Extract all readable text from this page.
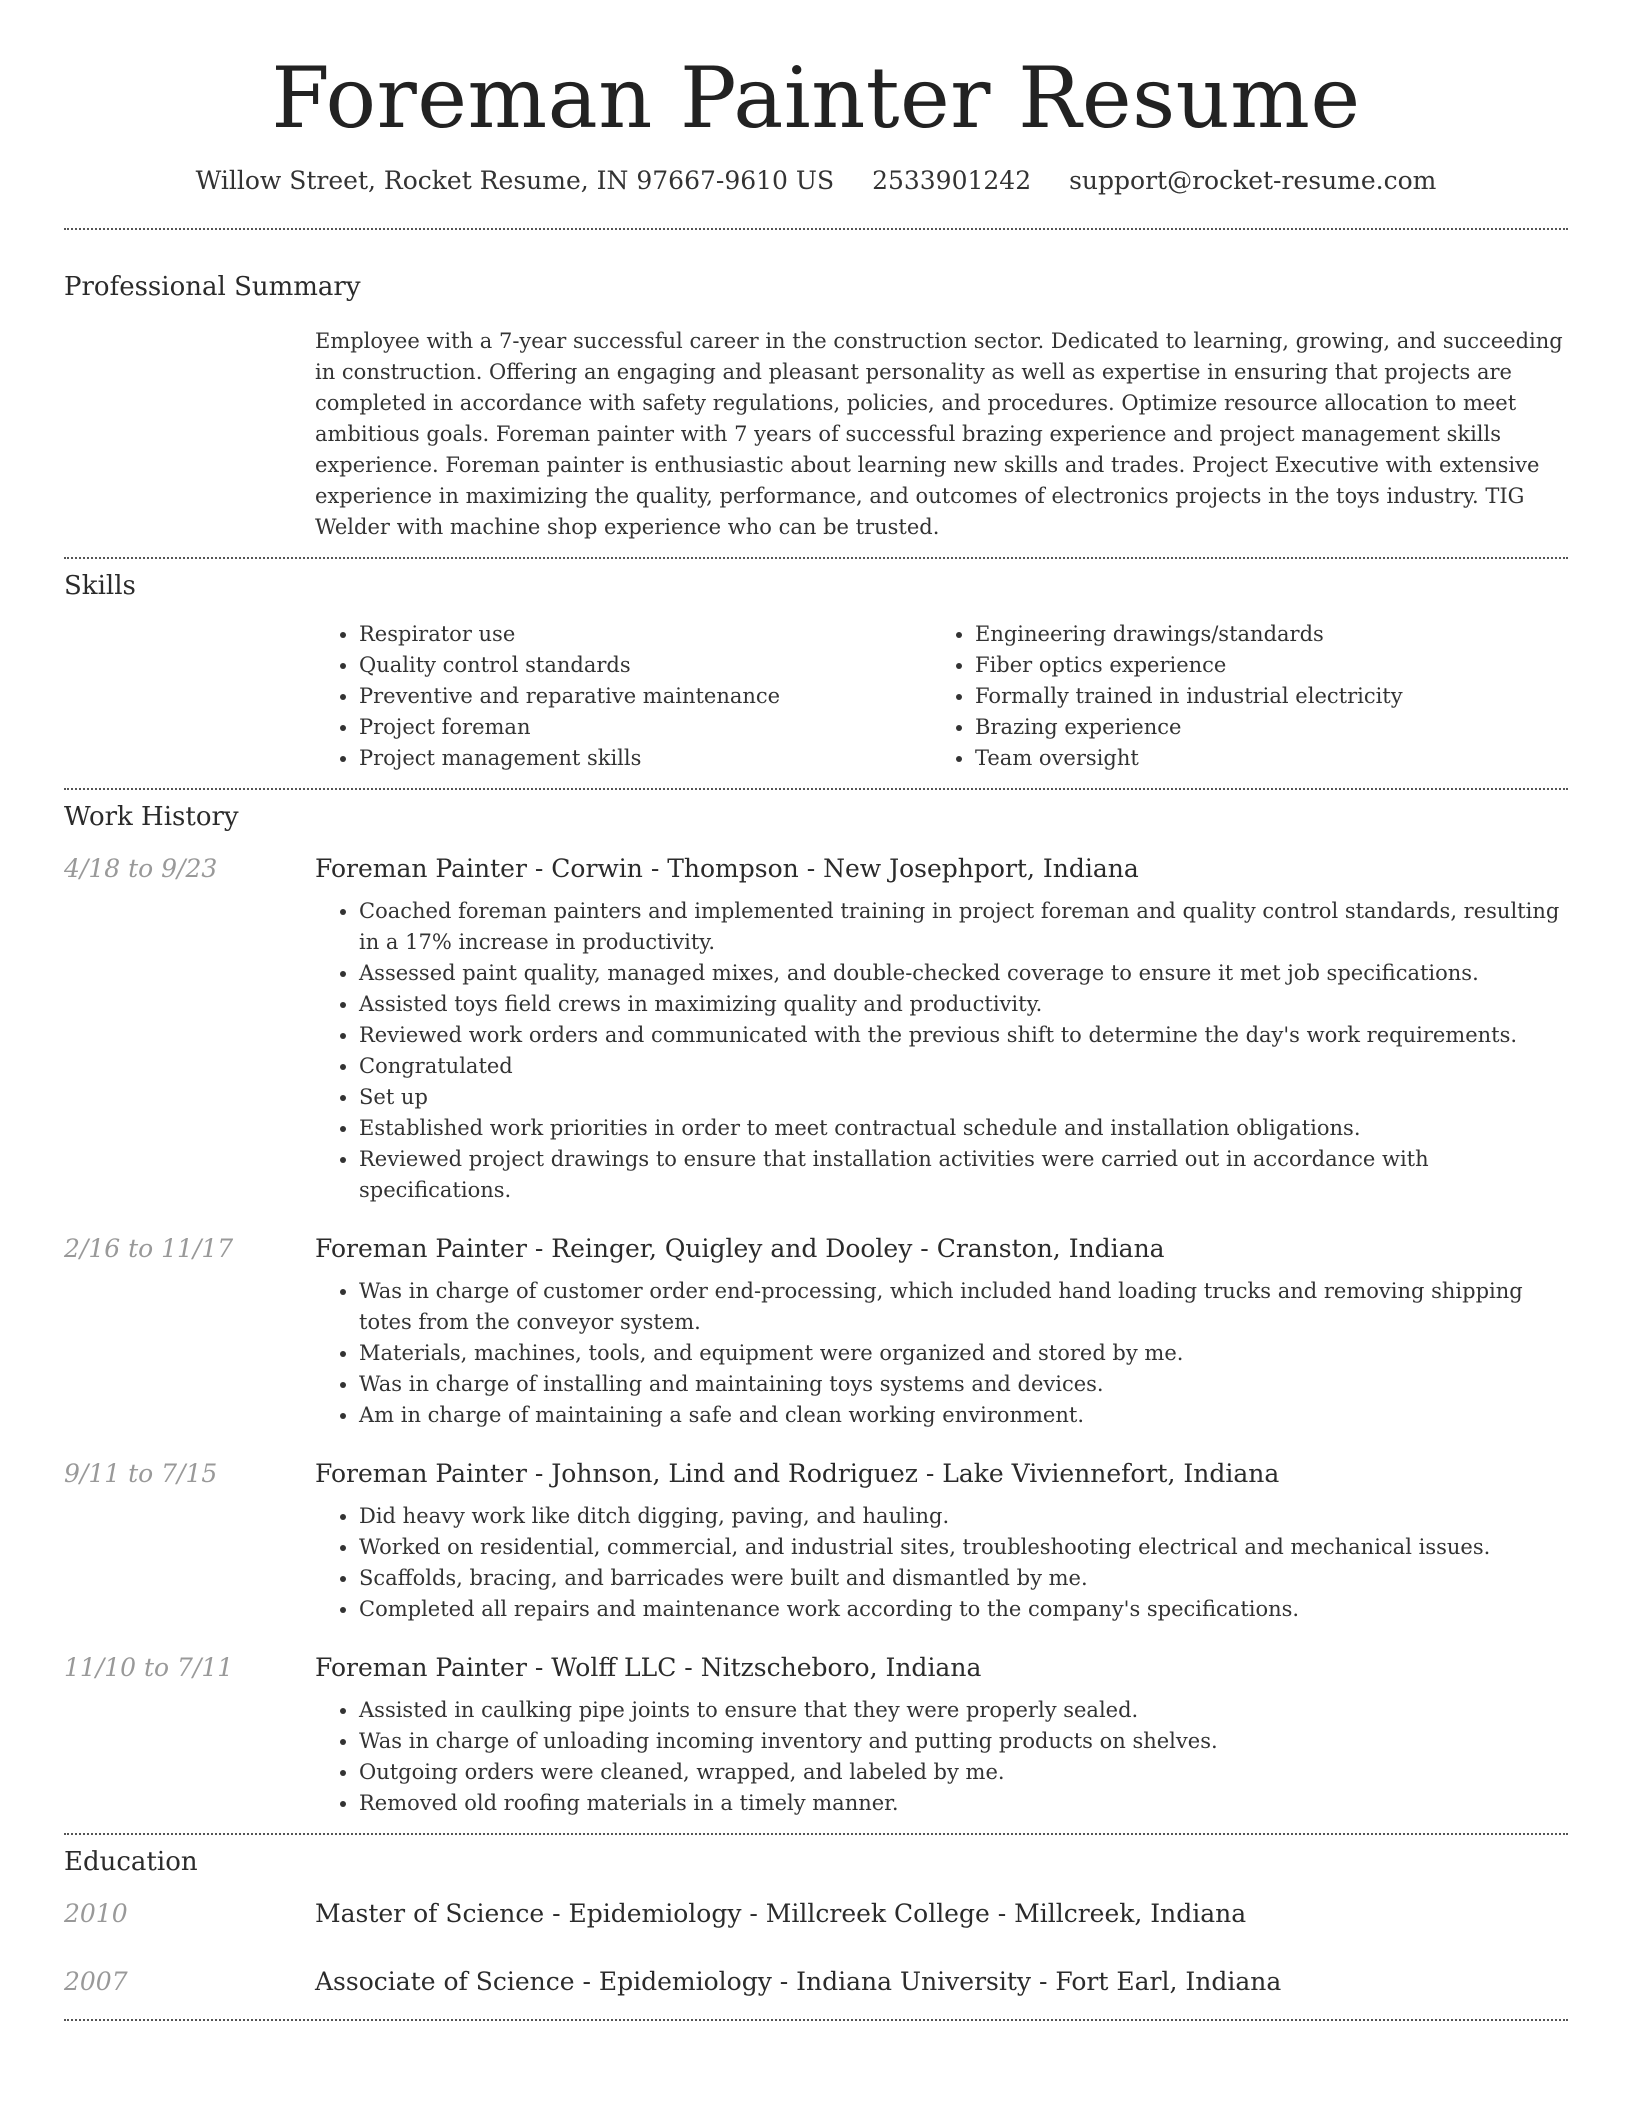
Foreman Painter Resume
Willow Street, Rocket Resume, IN 97667-9610 US 2533901242 support@rocket-resume.com
Professional Summary
Employee with a 7-year successful career in the construction sector. Dedicated to learning, growing, and succeeding in construction. Offering an engaging and pleasant personality as well as expertise in ensuring that projects are completed in accordance with safety regulations, policies, and procedures. Optimize resource allocation to meet ambitious goals. Foreman painter with 7 years of successful brazing experience and project management skills experience. Foreman painter is enthusiastic about learning new skills and trades. Project Executive with extensive experience in maximizing the quality, performance, and outcomes of electronics projects in the toys industry. TIG Welder with machine shop experience who can be trusted.
Skills
• Respirator use
• Quality control standards
• Preventive and reparative maintenance
• Project foreman
• Project management skills
• Engineering drawings/standards
• Fiber optics experience
• Formally trained in industrial electricity
• Brazing experience
• Team oversight
Work History
4/18 to 9/23	Foreman Painter - Corwin - Thompson - New Josephport, Indiana
• Coached foreman painters and implemented training in project foreman and quality control standards, resulting in a 17% increase in productivity.
• Assessed paint quality, managed mixes, and double-checked coverage to ensure it met job specifications.
• Assisted toys field crews in maximizing quality and productivity.
• Reviewed work orders and communicated with the previous shift to determine the day's work requirements.
• Congratulated
• Set up
• Established work priorities in order to meet contractual schedule and installation obligations.
• Reviewed project drawings to ensure that installation activities were carried out in accordance with specifications.
2/16 to 11/17	Foreman Painter - Reinger, Quigley and Dooley - Cranston, Indiana
• Was in charge of customer order end-processing, which included hand loading trucks and removing shipping totes from the conveyor system.
• Materials, machines, tools, and equipment were organized and stored by me.
• Was in charge of installing and maintaining toys systems and devices.
• Am in charge of maintaining a safe and clean working environment.
9/11 to 7/15	Foreman Painter - Johnson, Lind and Rodriguez - Lake Viviennefort, Indiana
• Did heavy work like ditch digging, paving, and hauling.
• Worked on residential, commercial, and industrial sites, troubleshooting electrical and mechanical issues.
• Scaffolds, bracing, and barricades were built and dismantled by me.
• Completed all repairs and maintenance work according to the company's specifications.
11/10 to 7/11	Foreman Painter - Wolff LLC - Nitzscheboro, Indiana
• Assisted in caulking pipe joints to ensure that they were properly sealed.
• Was in charge of unloading incoming inventory and putting products on shelves.
• Outgoing orders were cleaned, wrapped, and labeled by me.
• Removed old roofing materials in a timely manner.
Education
2010	Master of Science - Epidemiology - Millcreek College - Millcreek, Indiana
2007	Associate of Science - Epidemiology - Indiana University - Fort Earl, Indiana
